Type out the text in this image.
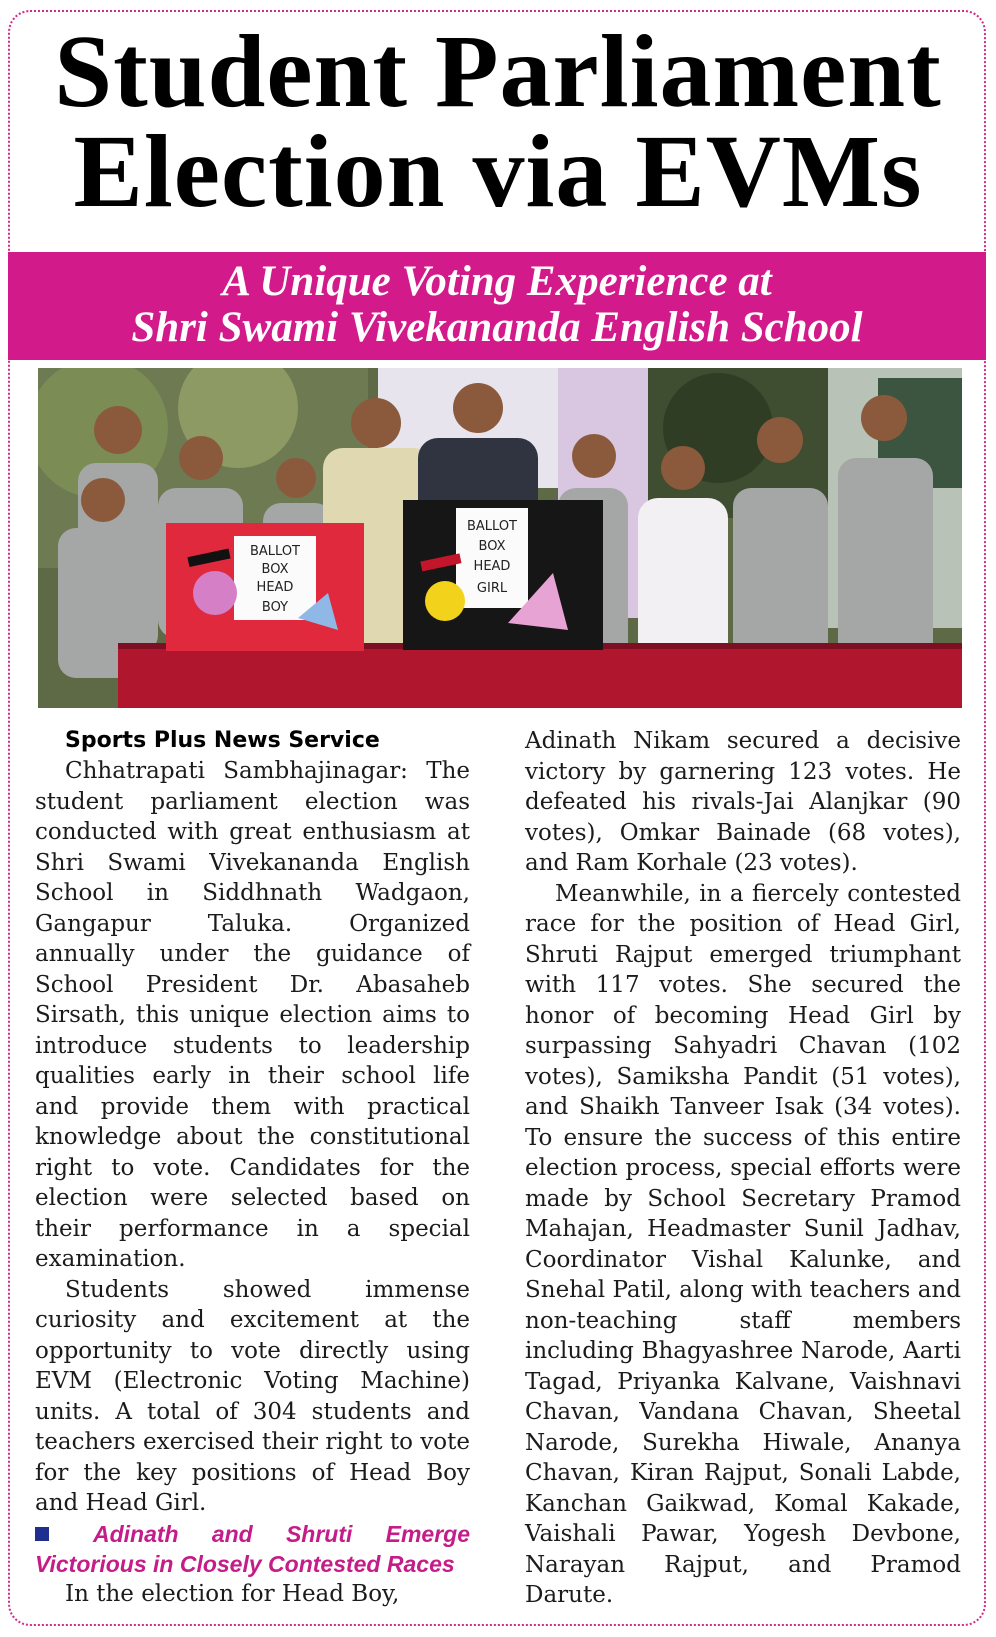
Student Parliament
Election via EVMs
A Unique Voting Experience at
Shri Swami Vivekananda English School
BALLOT
BOX
HEAD
BOY
BALLOT
BOX
HEAD
GIRL
Sports Plus News Service

Chhatrapati Sambhajinagar: The student parliament election was conducted with great enthusiasm at Shri Swami Vivekananda English School in Siddhnath Wadgaon, Gangapur Taluka. Organized annually under the guidance of School President Dr. Abasaheb Sirsath, this unique election aims to introduce students to leadership qualities early in their school life and provide them with practical knowledge about the constitutional right to vote. Candidates for the election were selected based on their performance in a special examination.

Students showed immense curiosity and excitement at the opportunity to vote directly using EVM (Electronic Voting Machine) units. A total of 304 students and teachers exercised their right to vote for the key positions of Head Boy and Head Girl.

Adinath and Shruti Emerge Victorious in Closely Contested Races

In the election for Head Boy,

Adinath Nikam secured a decisive victory by garnering 123 votes. He defeated his rivals-Jai Alanjkar (90 votes), Omkar Bainade (68 votes), and Ram Korhale (23 votes).

Meanwhile, in a fiercely contested race for the position of Head Girl, Shruti Rajput emerged triumphant with 117 votes. She secured the honor of becoming Head Girl by surpassing Sahyadri Chavan (102 votes), Samiksha Pandit (51 votes), and Shaikh Tanveer Isak (34 votes). To ensure the success of this entire election process, special efforts were made by School Secretary Pramod Mahajan, Headmaster Sunil Jadhav, Coordinator Vishal Kalunke, and Snehal Patil, along with teachers and non-teaching staff members including Bhagyashree Narode, Aarti Tagad, Priyanka Kalvane, Vaishnavi Chavan, Vandana Chavan, Sheetal Narode, Surekha Hiwale, Ananya Chavan, Kiran Rajput, Sonali Labde, Kanchan Gaikwad, Komal Kakade, Vaishali Pawar, Yogesh Devbone, Narayan Rajput, and Pramod Darute.
